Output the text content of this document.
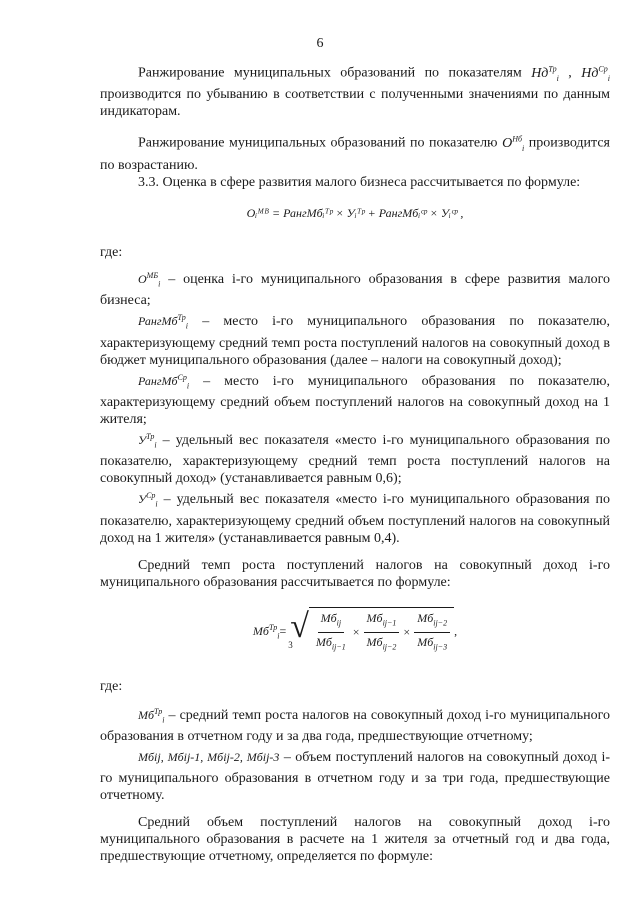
6

Ранжирование муниципальных образований по показателям $Нд^{Тр}_i$ , $Нд^{Ср}_i$ производится по убыванию в соответствии с полученными значениями по данным индикаторам.

Ранжирование муниципальных образований по показателю $О^{Нб}_i$ производится по возрастанию.

3.3. Оценка в сфере развития малого бизнеса рассчитывается по формуле:

Оᵢᴹᴮ = РангМбᵢᵀᵖ × Уᵢᵀᵖ + РангМбᵢᶜᵖ × Уᵢᶜᵖ ,

где:

$О^{МБ}_i$ – оценка i-го муниципального образования в сфере развития малого бизнеса;

РангМб$^{Тр}_i$ – место i-го муниципального образования по показателю, характеризующему средний темп роста поступлений налогов на совокупный доход в бюджет муниципального образования (далее – налоги на совокупный доход);

РангМб$^{Ср}_i$ – место i-го муниципального образования по показателю, характеризующему средний объем поступлений налогов на совокупный доход на 1 жителя;

$У^{Тр}_i$ – удельный вес показателя «место i-го муниципального образования по показателю, характеризующему средний темп роста поступлений налогов на совокупный доход» (устанавливается равным 0,6);

$У^{Ср}_i$ – удельный вес показателя «место i-го муниципального образования по показателю, характеризующему средний объем поступлений налогов на совокупный доход на 1 жителя» (устанавливается равным 0,4).

Средний темп роста поступлений налогов на совокупный доход i-го муниципального образования рассчитывается по формуле:

$Мб^{Тр}_i$ =
3
√ $\frac{Мб_{ij}}{Мб_{ij-1}} \times \frac{Мб_{ij-1}}{Мб_{ij-2}} \times \frac{Мб_{ij-2}}{Мб_{ij-3}}$ ,

где:

$Мб^{Тр}_i$ – средний темп роста налогов на совокупный доход i-го муниципального образования в отчетном году и за два года, предшествующие отчетному;

Мбij, Мбij-1, Мбij-2, Мбij-3 – объем поступлений налогов на совокупный доход i-го муниципального образования в отчетном году и за три года, предшествующие отчетному.

Средний объем поступлений налогов на совокупный доход i-го муниципального образования в расчете на 1 жителя за отчетный год и два года, предшествующие отчетному, определяется по формуле:
